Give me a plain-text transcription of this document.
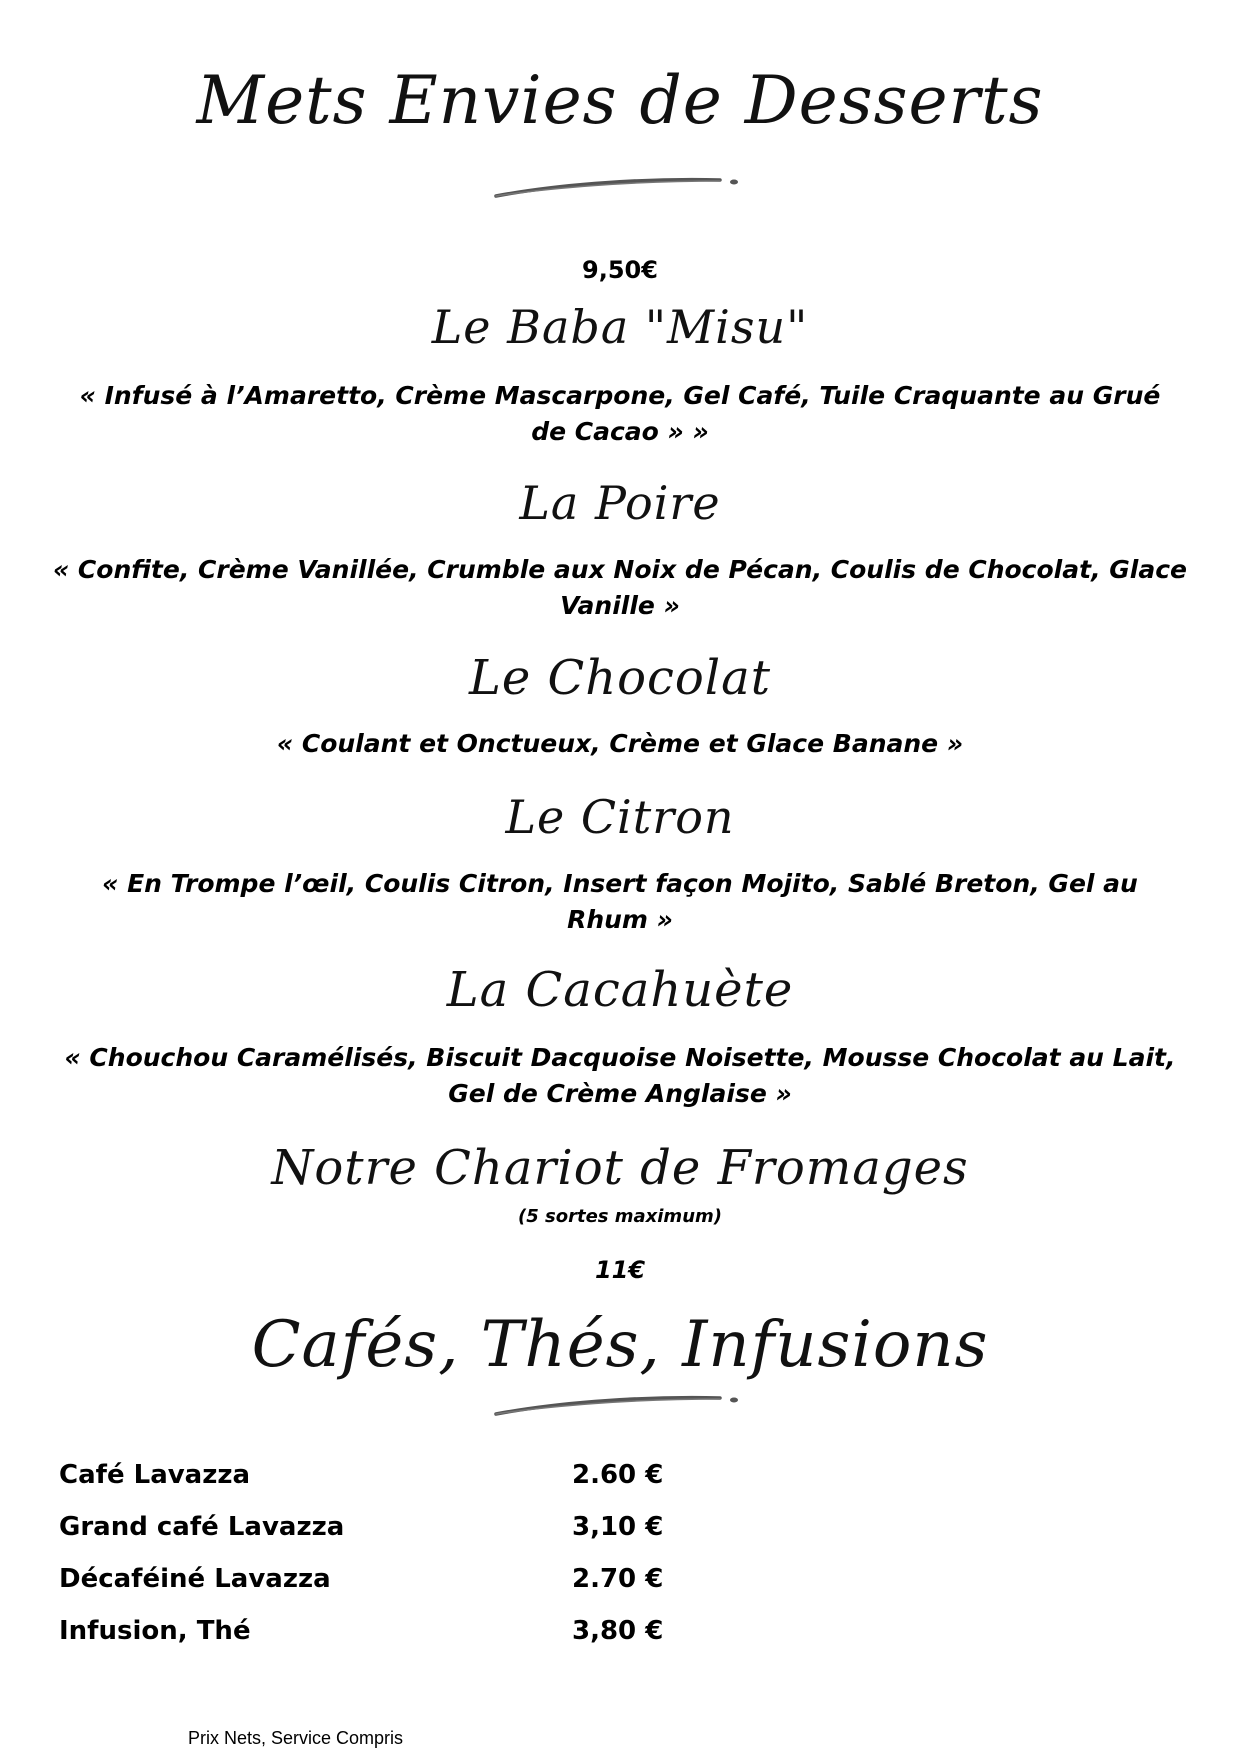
Mets Envies de Desserts
9,50€
Le Baba "Misu"
« Infusé à l’Amaretto, Crème Mascarpone, Gel Café, Tuile Craquante au Grué de Cacao » »
La Poire
« Confite, Crème Vanillée, Crumble aux Noix de Pécan, Coulis de Chocolat, Glace Vanille »
Le Chocolat
« Coulant et Onctueux, Crème et Glace Banane »
Le Citron
« En Trompe l’œil, Coulis Citron, Insert façon Mojito, Sablé Breton, Gel au Rhum »
La Cacahuète
« Chouchou Caramélisés, Biscuit Dacquoise Noisette, Mousse Chocolat au Lait, Gel de Crème Anglaise »
Notre Chariot de Fromages
(5 sortes maximum)
11€
Cafés, Thés, Infusions
Café Lavazza	2.60 €
Grand café Lavazza	3,10 €
Décaféiné Lavazza	2.70 €
Infusion, Thé	3,80 €
Prix Nets, Service Compris
